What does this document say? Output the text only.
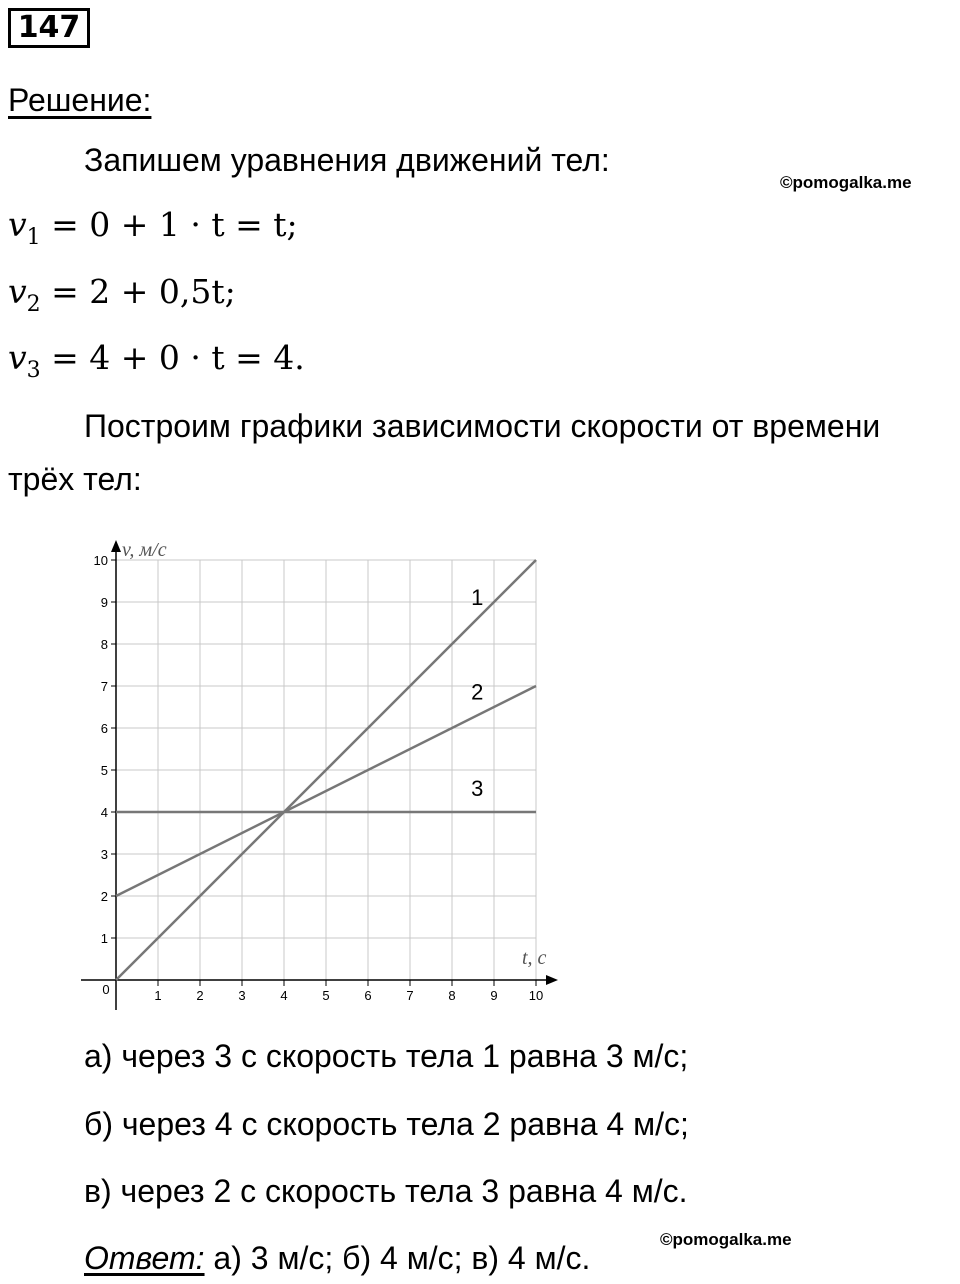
147
Решение:
Запишем уравнения движений тел:
©pomogalka.me
$v_1 = 0 + 1 \cdot t = t$;
$v_2 = 2 + 0,5t$;
$v_3 = 4 + 0 \cdot t = 4$.
Построим графики зависимости скорости от времени
трёх тел:
0	1	2	3	4	5	6	7	8	9 10
1
2
3
4
5
6
7
8
9
10 v, м/с
t, с
1
2
3
а) через 3 с скорость тела 1 равна 3 м/с;
б) через 4 с скорость тела 2 равна 4 м/с;
в) через 2 с скорость тела 3 равна 4 м/с.
Ответ: а) 3 м/с; б) 4 м/с; в) 4 м/с.
©pomogalka.me
